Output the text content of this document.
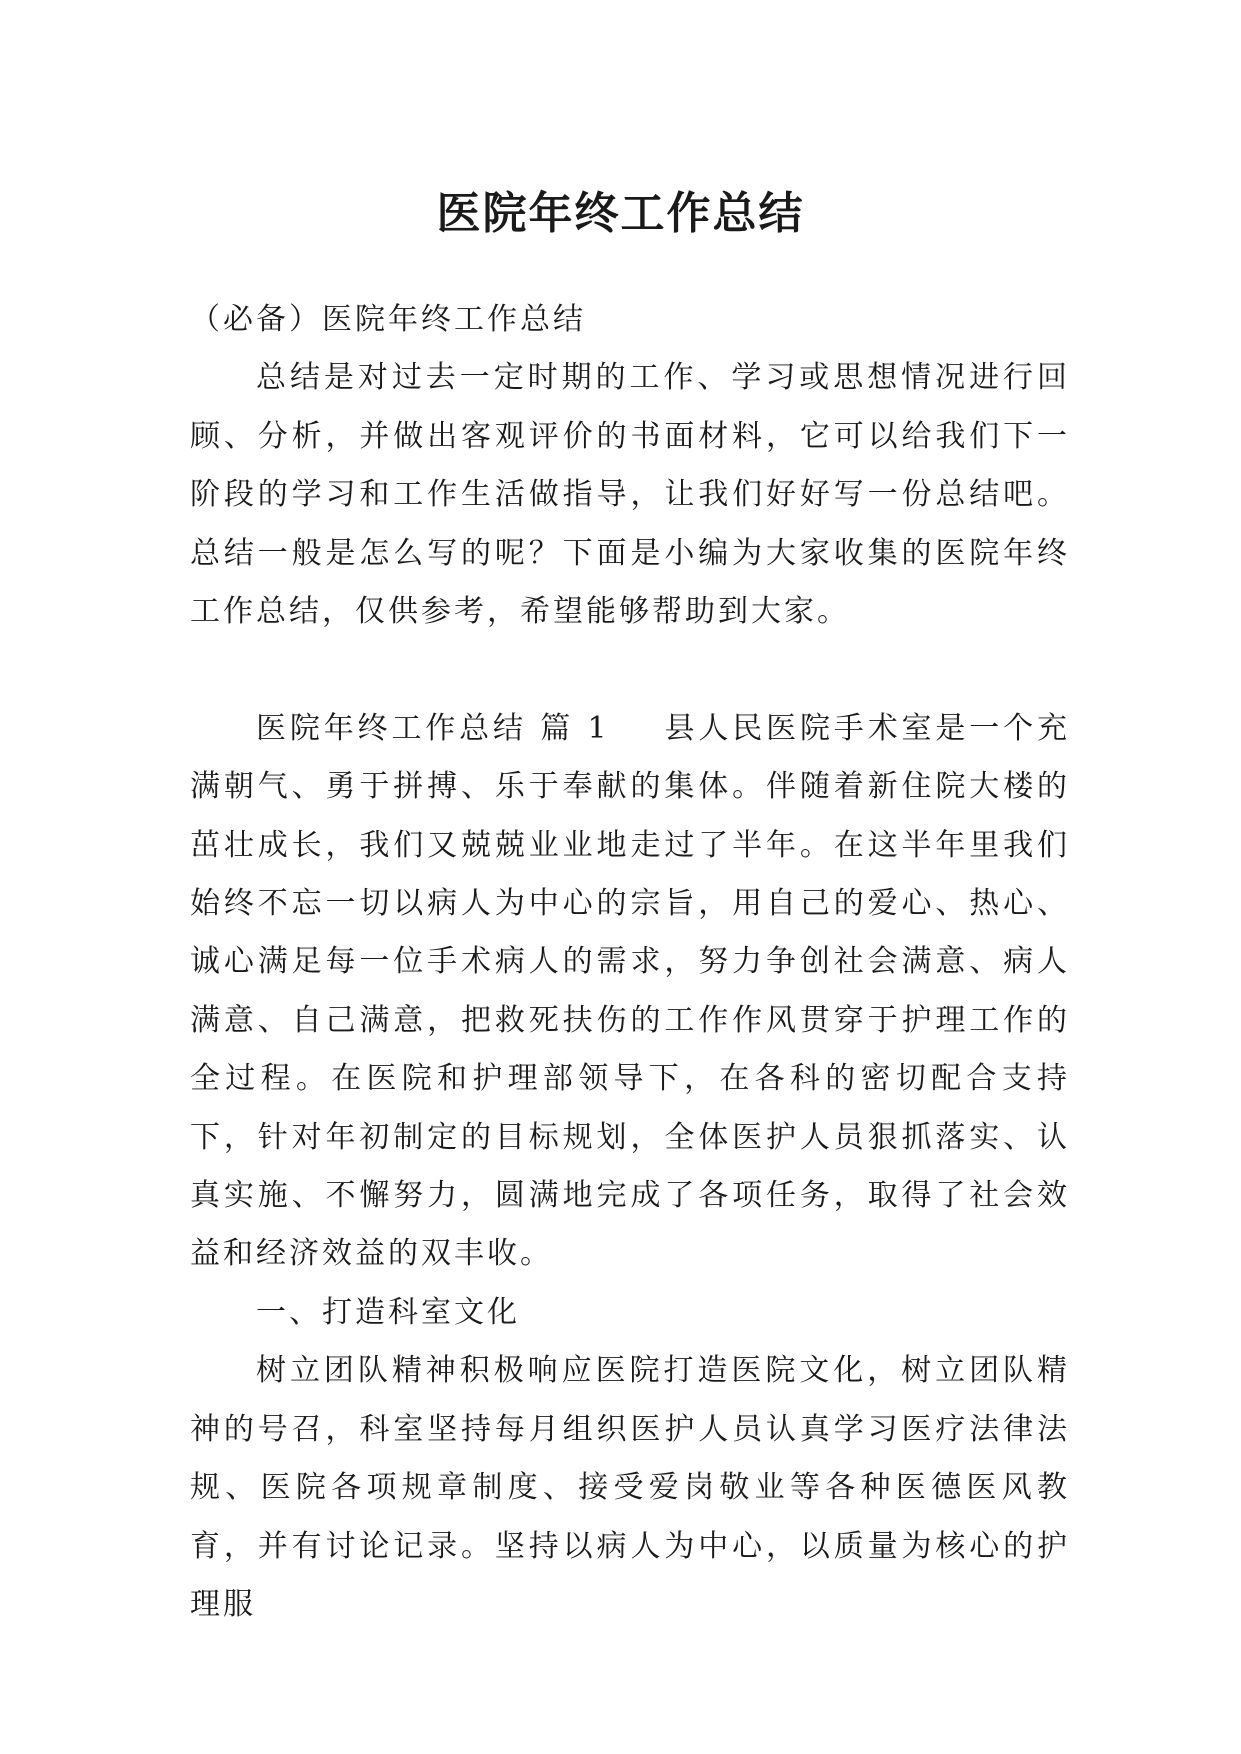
医院年终工作总结

（必备）医院年终工作总结

总结是对过去一定时期的工作、学习或思想情况进行回顾、分析，并做出客观评价的书面材料，它可以给我们下一阶段的学习和工作生活做指导，让我们好好写一份总结吧。总结一般是怎么写的呢？下面是小编为大家收集的医院年终工作总结，仅供参考，希望能够帮助到大家。

医院年终工作总结 篇 1 县人民医院手术室是一个充满朝气、勇于拼搏、乐于奉献的集体。伴随着新住院大楼的茁壮成长，我们又兢兢业业地走过了半年。在这半年里我们始终不忘一切以病人为中心的宗旨，用自己的爱心、热心、诚心满足每一位手术病人的需求，努力争创社会满意、病人满意、自己满意，把救死扶伤的工作作风贯穿于护理工作的全过程。在医院和护理部领导下，在各科的密切配合支持下，针对年初制定的目标规划，全体医护人员狠抓落实、认真实施、不懈努力，圆满地完成了各项任务，取得了社会效益和经济效益的双丰收。

一、打造科室文化

树立团队精神积极响应医院打造医院文化，树立团队精神的号召，科室坚持每月组织医护人员认真学习医疗法律法规、医院各项规章制度、接受爱岗敬业等各种医德医风教育，并有讨论记录。坚持以病人为中心，以质量为核心的护理服
